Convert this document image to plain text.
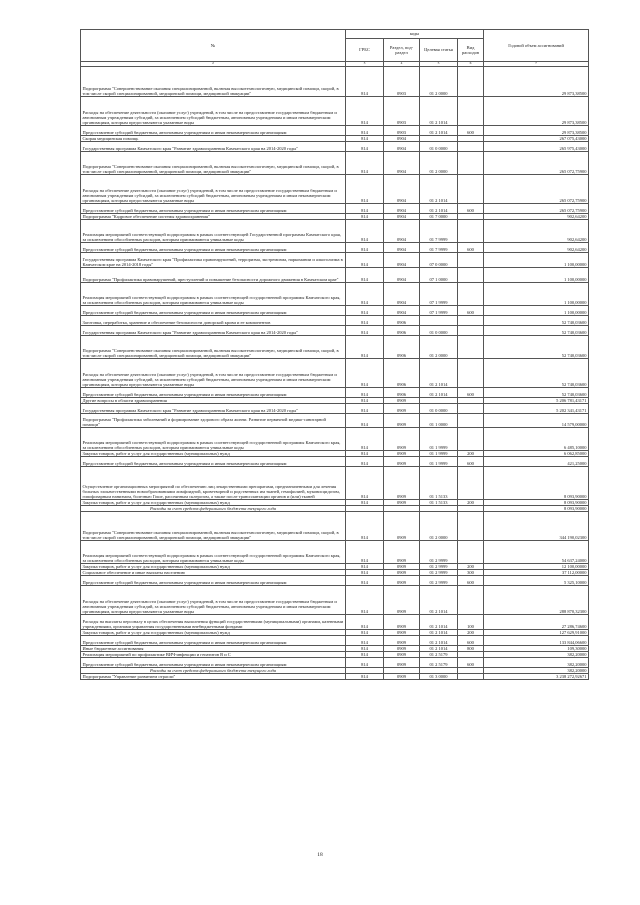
№	коды				Годовой объем ассигнований
	ГРБС	Раздел, под-раздел	Целевая статья	Вид расходов	
2	3	4	5	6	7
Подпрограмма "Совершенствование оказания специализированной, включая высокотехнологичную, медицинской помощи, скорой, в том числе скорой специализированной, медицинской помощи, медицинской эвакуации"	814	0903	01 2 0000		29 873,38500
Расходы на обеспечение деятельности (оказание услуг) учреждений, в том числе на предоставление государственным бюджетным и автономным учреждениям субсидий, за исключением субсидий бюджетным, автономным учреждениям и иным некоммерческим организациям, которым предоставляются указанные виды	814	0903	01 2 1014		29 873,38500
Предоставление субсидий бюджетным, автономным учреждениям и иным некоммерческим организациям	814	0903	01 2 1014	600	29 873,38500
Скорая медицинская помощь	814	0904			267 075,43000
Государственная программа Камчатского края "Развитие здравоохранения Камчатского края на 2014-2020 годы"	814	0904	01 0 0000		265 975,43000
Подпрограмма "Совершенствование оказания специализированной, включая высокотехнологичную, медицинской помощи, скорой, в том числе скорой специализированной, медицинской помощи, медицинской эвакуации"	814	0904	01 2 0000		265 072,75900
Расходы на обеспечение деятельности (оказание услуг) учреждений, в том числе на предоставление государственным бюджетным и автономным учреждениям субсидий, за исключением субсидий бюджетным, автономным учреждениям и иным некоммерческим организациям, которым предоставляются указанные виды	814	0904	01 2 1014		265 072,75900
Предоставление субсидий бюджетным, автономным учреждениям и иным некоммерческим организациям	814	0904	01 2 1014	600	265 072,75900
Подпрограмма "Кадровое обеспечение системы здравоохранения"	814	0904	01 7 0000		902,64200
Реализация мероприятий соответствующей подпрограммы в рамках соответствующей Государственной программы Камчатского края, за исключением обособленных расходов, которым присваиваются уникальные коды	814	0904	01 7 9999		902,64200
Предоставление субсидий бюджетным, автономным учреждениям и иным некоммерческим организациям	814	0904	01 7 9999	600	902,64200
Государственная программа Камчатского края "Профилактика правонарушений, терроризма, экстремизма, наркомании и алкоголизма в Камчатском крае на 2014-2018 годы"	814	0904	07 0 0000		1 100,00000
Подпрограмма "Профилактика правонарушений, преступлений и повышение безопасности дорожного движения в Камчатском крае"	814	0904	07 1 0000		1 100,00000
Реализация мероприятий соответствующей подпрограммы в рамках соответствующей государственной программы Камчатского края, за исключением обособленных расходов, которым присваиваются уникальные коды	814	0904	07 1 9999		1 100,00000
Предоставление субсидий бюджетным, автономным учреждениям и иным некоммерческим организациям	814	0904	07 1 9999	600	1 100,00000
Заготовка, переработка, хранение и обеспечение безопасности донорской крови и ее компонентов	814	0906			52 740,03600
Государственная программа Камчатского края "Развитие здравоохранения Камчатского края на 2014-2020 годы"	814	0906	01 0 0000		52 740,03600
Подпрограмма "Совершенствование оказания специализированной, включая высокотехнологичную, медицинской помощи, скорой, в том числе скорой специализированной, медицинской помощи, медицинской эвакуации"	814	0906	01 2 0000		52 740,03600
Расходы на обеспечение деятельности (оказание услуг) учреждений, в том числе на предоставление государственным бюджетным и автономным учреждениям субсидий, за исключением субсидий бюджетным, автономным учреждениям и иным некоммерческим организациям, которым предоставляются указанные виды	814	0906	01 2 1014		52 740,03600
Предоставление субсидий бюджетным, автономным учреждениям и иным некоммерческим организациям	814	0906	01 2 1014	600	52 740,03600
Другие вопросы в области здравоохранения	814	0909			5 206 781,43171
Государственная программа Камчатского края "Развитие здравоохранения Камчатского края на 2014-2020 годы"	814	0909	01 0 0000		5 202 341,43171
Подпрограмма "Профилактика заболеваний и формирование здорового образа жизни. Развитие первичной медико-санитарной помощи"	814	0909	01 1 0000		14 579,00000
Реализация мероприятий соответствующей подпрограммы в рамках соответствующей государственной программы Камчатского края, за исключением обособленных расходов, которым присваиваются уникальные коды	814	0909	01 1 9999		6 485,10000
Закупка товаров, работ и услуг для государственных (муниципальных) нужд	814	0909	01 1 9999	200	6 062,85000
Предоставление субсидий бюджетным, автономным учреждениям и иным некоммерческим организациям	814	0909	01 1 9999	600	421,25000
Осуществление организационных мероприятий по обеспечению лиц лекарственными препаратами, предназначенными для лечения больных злокачественными новообразованиями лимфоидной, кроветворной и родственных им тканей, гемофилией, муковисцидозом, гипофизарным нанизмом, болезнью Гоше, рассеянным склерозом, а также после трансплантации органов и (или) тканей	814	0909	01 1 5133		8 093,90000
Закупка товаров, работ и услуг для государственных (муниципальных) нужд	814	0909	01 1 5133	200	8 093,90000
Расходы за счет средств федерального бюджета текущего года					8 093,90000
Подпрограмма "Совершенствование оказания специализированной, включая высокотехнологичную, медицинской помощи, скорой, в том числе скорой специализированной, медицинской помощи, медицинской эвакуации"	814	0909	01 2 0000		344 190,02300
Реализация мероприятий соответствующей подпрограммы в рамках соответствующей государственной программы Камчатского края, за исключением обособленных расходов, которым присваиваются уникальные коды	814	0909	01 2 9999		54 637,24000
Закупка товаров, работ и услуг для государственных (муниципальных) нужд	814	0909	01 2 9999	200	12 100,00000
Социальное обеспечение и иные выплаты населению	814	0909	01 2 9999	300	37 112,00000
Предоставление субсидий бюджетным, автономным учреждениям и иным некоммерческим организациям	814	0909	01 2 9999	600	5 325,10000
Расходы на обеспечение деятельности (оказание услуг) учреждений, в том числе на предоставление государственным бюджетным и автономным учреждениям субсидий, за исключением субсидий бюджетным, автономным учреждениям и иным некоммерческим организациям, которым предоставляются указанные виды	814	0909	01 2 1014		288 870,32300
Расходы на выплаты персоналу в целях обеспечения выполнения функций государственными (муниципальными) органами, казенными учреждениями, органами управления государственными внебюджетными фондами	814	0909	01 2 1014	100	27 286,74600
Закупка товаров, работ и услуг для государственных (муниципальных) нужд	814	0909	01 2 1014	200	127 629,91000
Предоставление субсидий бюджетным, автономным учреждениям и иным некоммерческим организациям	814	0909	01 2 1014	600	133 844,06600
Иные бюджетные ассигнования	814	0909	01 2 1014	800	109,30000
Реализация мероприятий по профилактике ВИЧ-инфекции и гепатитов В и С	814	0909	01 2 5179		382,20000
Предоставление субсидий бюджетным, автономным учреждениям и иным некоммерческим организациям	814	0909	01 2 5179	600	382,20000
Расходы за счет средств федерального бюджета текущего года					382,20000
Подпрограмма "Управление развитием отрасли"	814	0909	01 3 0000		3 238 272,92671
18
